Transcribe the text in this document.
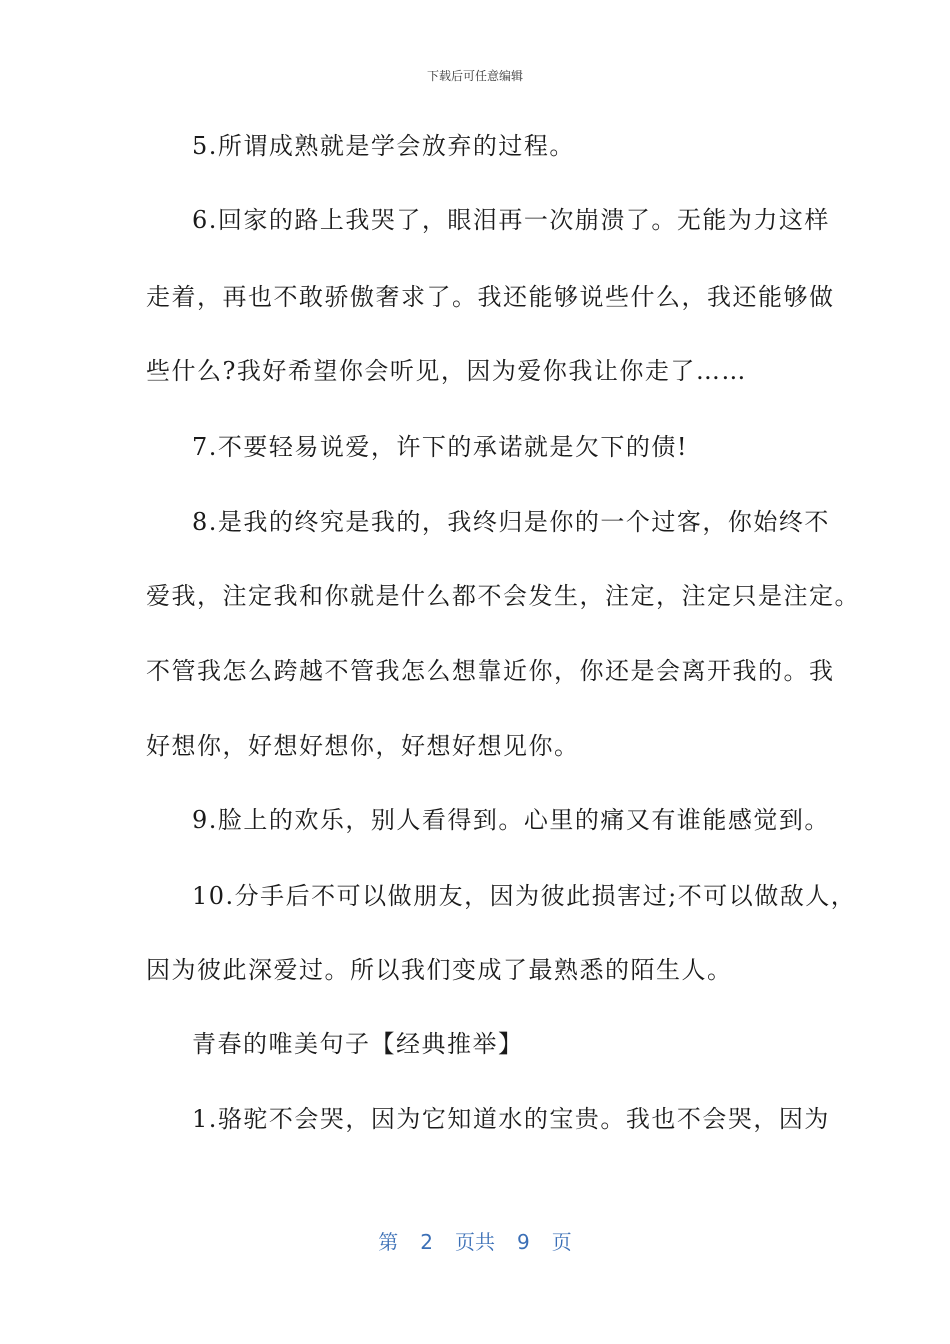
下载后可任意编辑
5.所谓成熟就是学会放弃的过程。
6.回家的路上我哭了，眼泪再一次崩溃了。无能为力这样
走着，再也不敢骄傲奢求了。我还能够说些什么，我还能够做
些什么?我好希望你会听见，因为爱你我让你走了……
7.不要轻易说爱，许下的承诺就是欠下的债!
8.是我的终究是我的，我终归是你的一个过客，你始终不
爱我，注定我和你就是什么都不会发生，注定，注定只是注定。
不管我怎么跨越不管我怎么想靠近你，你还是会离开我的。我
好想你，好想好想你，好想好想见你。
9.脸上的欢乐，别人看得到。心里的痛又有谁能感觉到。
10.分手后不可以做朋友，因为彼此损害过;不可以做敌人，
因为彼此深爱过。所以我们变成了最熟悉的陌生人。
青春的唯美句子【经典推举】
1.骆驼不会哭，因为它知道水的宝贵。我也不会哭，因为
第 2 页共 9 页
